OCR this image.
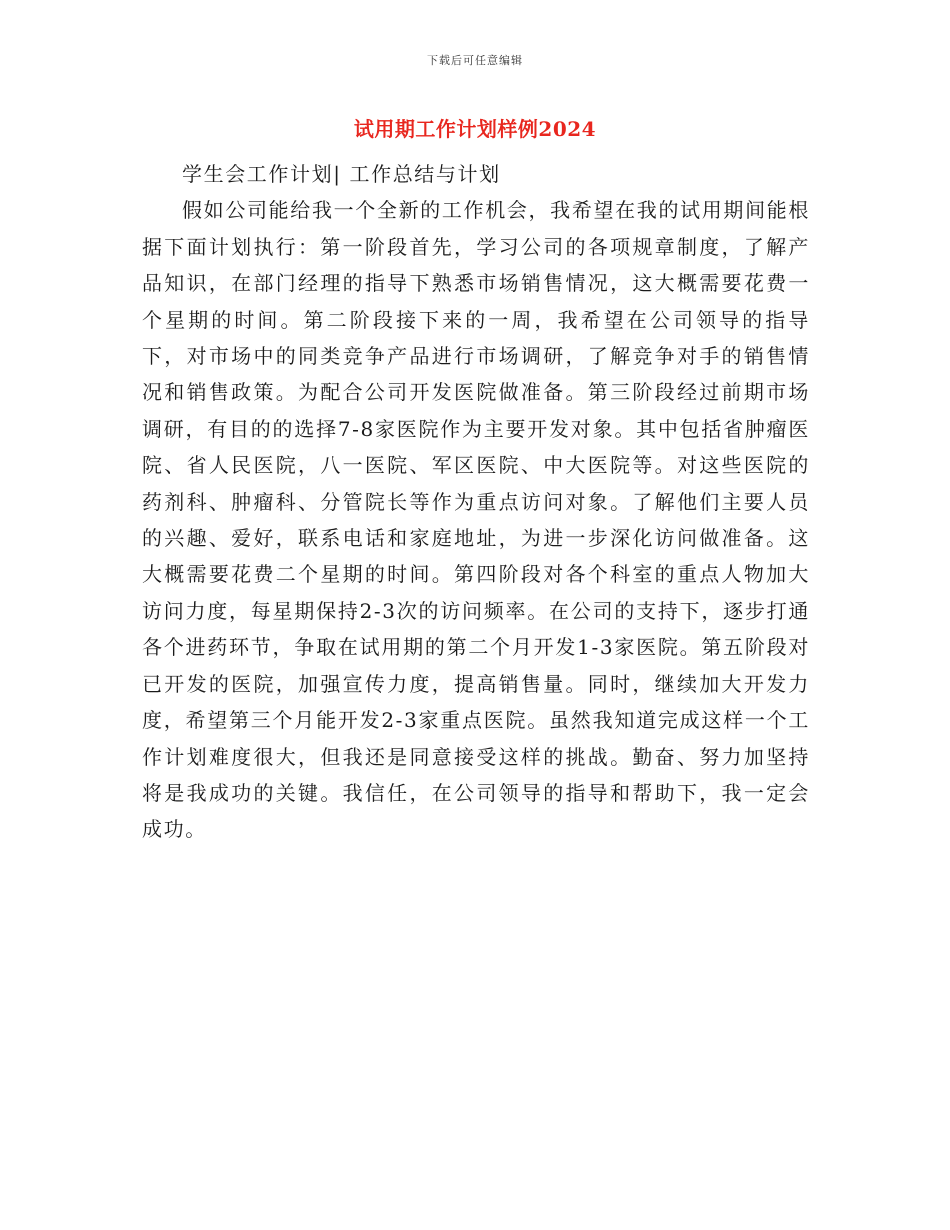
下载后可任意编辑
试用期工作计划样例2024

学生会工作计划| 工作总结与计划

假如公司能给我一个全新的工作机会，我希望在我的试用期间能根据下面计划执行：第一阶段首先，学习公司的各项规章制度，了解产品知识，在部门经理的指导下熟悉市场销售情况，这大概需要花费一个星期的时间。第二阶段接下来的一周，我希望在公司领导的指导下，对市场中的同类竞争产品进行市场调研，了解竞争对手的销售情况和销售政策。为配合公司开发医院做准备。第三阶段经过前期市场调研，有目的的选择7-8家医院作为主要开发对象。其中包括省肿瘤医院、省人民医院，八一医院、军区医院、中大医院等。对这些医院的药剂科、肿瘤科、分管院长等作为重点访问对象。了解他们主要人员的兴趣、爱好，联系电话和家庭地址，为进一步深化访问做准备。这大概需要花费二个星期的时间。第四阶段对各个科室的重点人物加大访问力度，每星期保持2-3次的访问频率。在公司的支持下，逐步打通各个进药环节，争取在试用期的第二个月开发1-3家医院。第五阶段对已开发的医院，加强宣传力度，提高销售量。同时，继续加大开发力度，希望第三个月能开发2-3家重点医院。虽然我知道完成这样一个工作计划难度很大，但我还是同意接受这样的挑战。勤奋、努力加坚持将是我成功的关键。我信任，在公司领导的指导和帮助下，我一定会成功。
